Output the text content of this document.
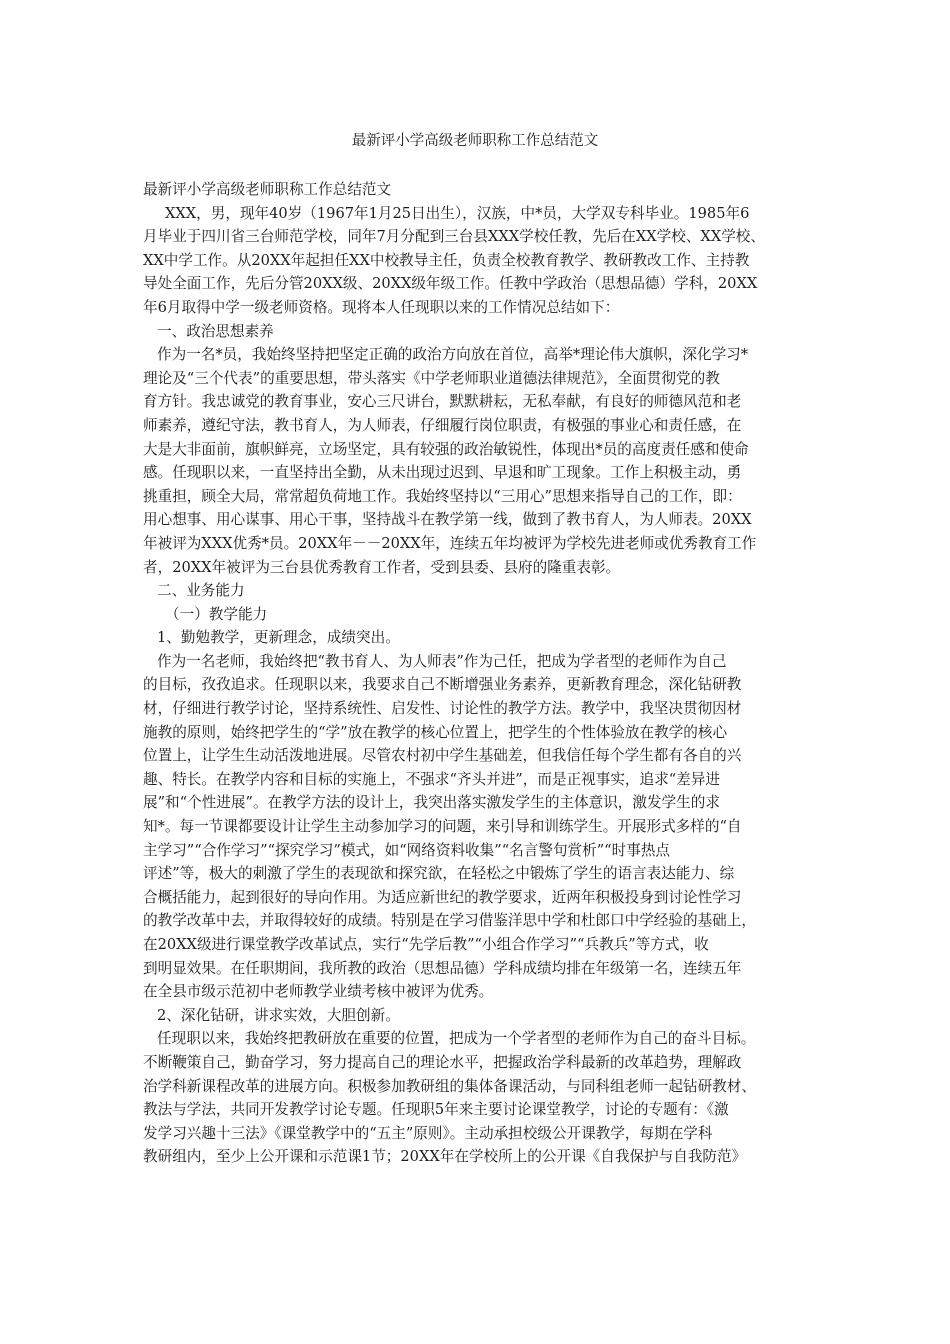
最新评小学高级老师职称工作总结范文
最新评小学高级老师职称工作总结范文
XXX，男，现年40岁（1967年1月25日出生），汉族，中*员，大学双专科毕业。1985年6
月毕业于四川省三台师范学校，同年7月分配到三台县XXX学校任教，先后在XX学校、XX学校、
XX中学工作。从20XX年起担任XX中校教导主任，负责全校教育教学、教研教改工作、主持教
导处全面工作，先后分管20XX级、20XX级年级工作。任教中学政治（思想品德）学科，20XX
年6月取得中学一级老师资格。现将本人任现职以来的工作情况总结如下：
一、政治思想素养
作为一名*员，我始终坚持把坚定正确的政治方向放在首位，高举*理论伟大旗帜，深化学习*
理论及“三个代表”的重要思想，带头落实《中学老师职业道德法律规范》，全面贯彻党的教
育方针。我忠诚党的教育事业，安心三尺讲台，默默耕耘，无私奉献，有良好的师德风范和老
师素养，遵纪守法，教书育人，为人师表，仔细履行岗位职责，有极强的事业心和责任感，在
大是大非面前，旗帜鲜亮，立场坚定，具有较强的政治敏锐性，体现出*员的高度责任感和使命
感。任现职以来，一直坚持出全勤，从未出现过迟到、早退和旷工现象。工作上积极主动，勇
挑重担，顾全大局，常常超负荷地工作。我始终坚持以“三用心”思想来指导自己的工作，即：
用心想事、用心谋事、用心干事，坚持战斗在教学第一线，做到了教书育人，为人师表。20XX
年被评为XXX优秀*员。20XX年－－20XX年，连续五年均被评为学校先进老师或优秀教育工作
者，20XX年被评为三台县优秀教育工作者，受到县委、县府的隆重表彰。
二、业务能力
（一）教学能力
1、勤勉教学，更新理念，成绩突出。
作为一名老师，我始终把“教书育人、为人师表”作为己任，把成为学者型的老师作为自己
的目标，孜孜追求。任现职以来，我要求自己不断增强业务素养，更新教育理念，深化钻研教
材，仔细进行教学讨论，坚持系统性、启发性、讨论性的教学方法。教学中，我坚决贯彻因材
施教的原则，始终把学生的“学”放在教学的核心位置上，把学生的个性体验放在教学的核心
位置上，让学生生动活泼地进展。尽管农村初中学生基础差，但我信任每个学生都有各自的兴
趣、特长。在教学内容和目标的实施上，不强求“齐头并进”，而是正视事实，追求“差异进
展”和“个性进展”。在教学方法的设计上，我突出落实激发学生的主体意识，激发学生的求
知*。每一节课都要设计让学生主动参加学习的问题，来引导和训练学生。开展形式多样的“自
主学习”“合作学习”“探究学习”模式，如“网络资料收集”“名言警句赏析”“时事热点
评述”等，极大的刺激了学生的表现欲和探究欲，在轻松之中锻炼了学生的语言表达能力、综
合概括能力，起到很好的导向作用。为适应新世纪的教学要求，近两年积极投身到讨论性学习
的教学改革中去，并取得较好的成绩。特别是在学习借鉴洋思中学和杜郎口中学经验的基础上，
在20XX级进行课堂教学改革试点，实行“先学后教”“小组合作学习”“兵教兵”等方式，收
到明显效果。在任职期间，我所教的政治（思想品德）学科成绩均排在年级第一名，连续五年
在全县市级示范初中老师教学业绩考核中被评为优秀。
2、深化钻研，讲求实效，大胆创新。
任现职以来，我始终把教研放在重要的位置，把成为一个学者型的老师作为自己的奋斗目标。
不断鞭策自己，勤奋学习，努力提高自己的理论水平，把握政治学科最新的改革趋势，理解政
治学科新课程改革的进展方向。积极参加教研组的集体备课活动，与同科组老师一起钻研教材、
教法与学法，共同开发教学讨论专题。任现职5年来主要讨论课堂教学，讨论的专题有：《激
发学习兴趣十三法》《课堂教学中的“五主”原则》。主动承担校级公开课教学，每期在学科
教研组内，至少上公开课和示范课1节；20XX年在学校所上的公开课《自我保护与自我防范》
